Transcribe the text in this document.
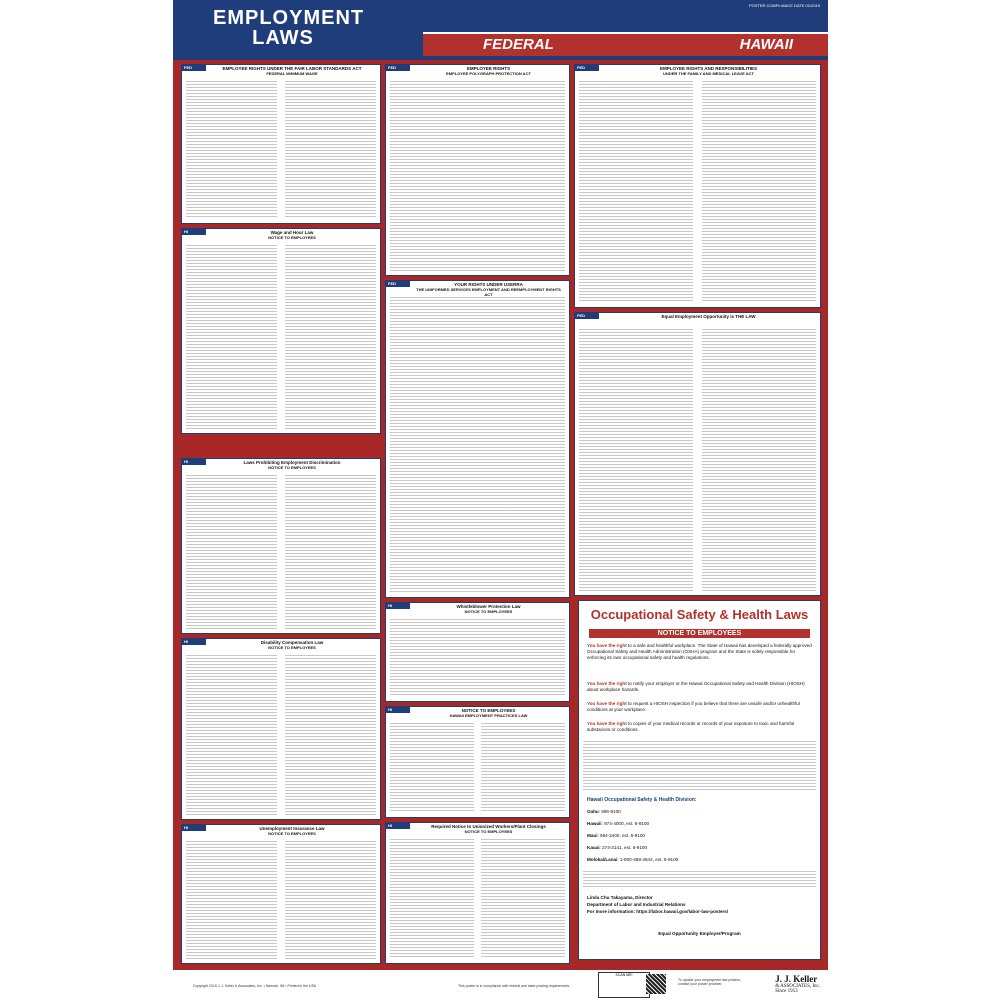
EMPLOYMENT
LAWS
POSTER COMPLIANCE DATE 01/2019
FEDERAL	HAWAII
FED	EMPLOYEE RIGHTS UNDER THE FAIR LABOR STANDARDS ACT
FEDERAL MINIMUM WAGE
FED	EMPLOYEE RIGHTS
EMPLOYEE POLYGRAPH PROTECTION ACT
FED	EMPLOYEE RIGHTS AND RESPONSIBILITIES
UNDER THE FAMILY AND MEDICAL LEAVE ACT
HI	Wage and Hour Law
NOTICE TO EMPLOYEES
FED	YOUR RIGHTS UNDER USERRA
THE UNIFORMED SERVICES EMPLOYMENT AND REEMPLOYMENT RIGHTS ACT
FED	Equal Employment Opportunity is THE LAW
HI	Laws Prohibiting Employment Discrimination
NOTICE TO EMPLOYEES
HI	Disability Compensation Law
NOTICE TO EMPLOYEES
HI	Whistleblower Protection Law
NOTICE TO EMPLOYEES
HI	NOTICE TO EMPLOYEES
HAWAII EMPLOYMENT PRACTICES LAW
HI	Unemployment Insurance Law
NOTICE TO EMPLOYEES
HI	Required Notice to Unionized Workers/Plant Closings
NOTICE TO EMPLOYEES
Occupational Safety & Health Laws
NOTICE TO EMPLOYEES
You have the right to a safe and healthful workplace. The State of Hawaii has developed a federally approved Occupational Safety and Health Administration (OSHA) program and the State is solely responsible for enforcing its own occupational safety and health regulations.
You have the right to notify your employer or the Hawaii Occupational Safety and Health Division (HIOSH) about workplace hazards.
You have the right to request a HIOSH inspection if you believe that there are unsafe and/or unhealthful conditions at your workplace.
You have the right to copies of your medical records or records of your exposure to toxic and harmful substances or conditions.
Hawaii Occupational Safety & Health Division:
Oahu: 586-9100
Hawaii: 974-4000, ext. 6-9100
Maui: 984-2400, ext. 6-9100
Kauai: 274-3141, ext. 6-9100
Molokai/Lanai: 1-800-468-4644, ext. 6-9100
Linda Chu Takayama, Director
Department of Labor and Industrial Relations
For more information: https://labor.hawaii.gov/labor-law-posters/
Equal Opportunity Employer/Program
Copyright 2019 J. J. Keller & Associates, Inc. • Neenah, WI • Printed in the USA	This poster is in compliance with federal and state posting requirements.
SCAN ME!
To update your employment law posters, contact your poster provider.	J. J. Keller
& ASSOCIATES, Inc.
Since 1953
